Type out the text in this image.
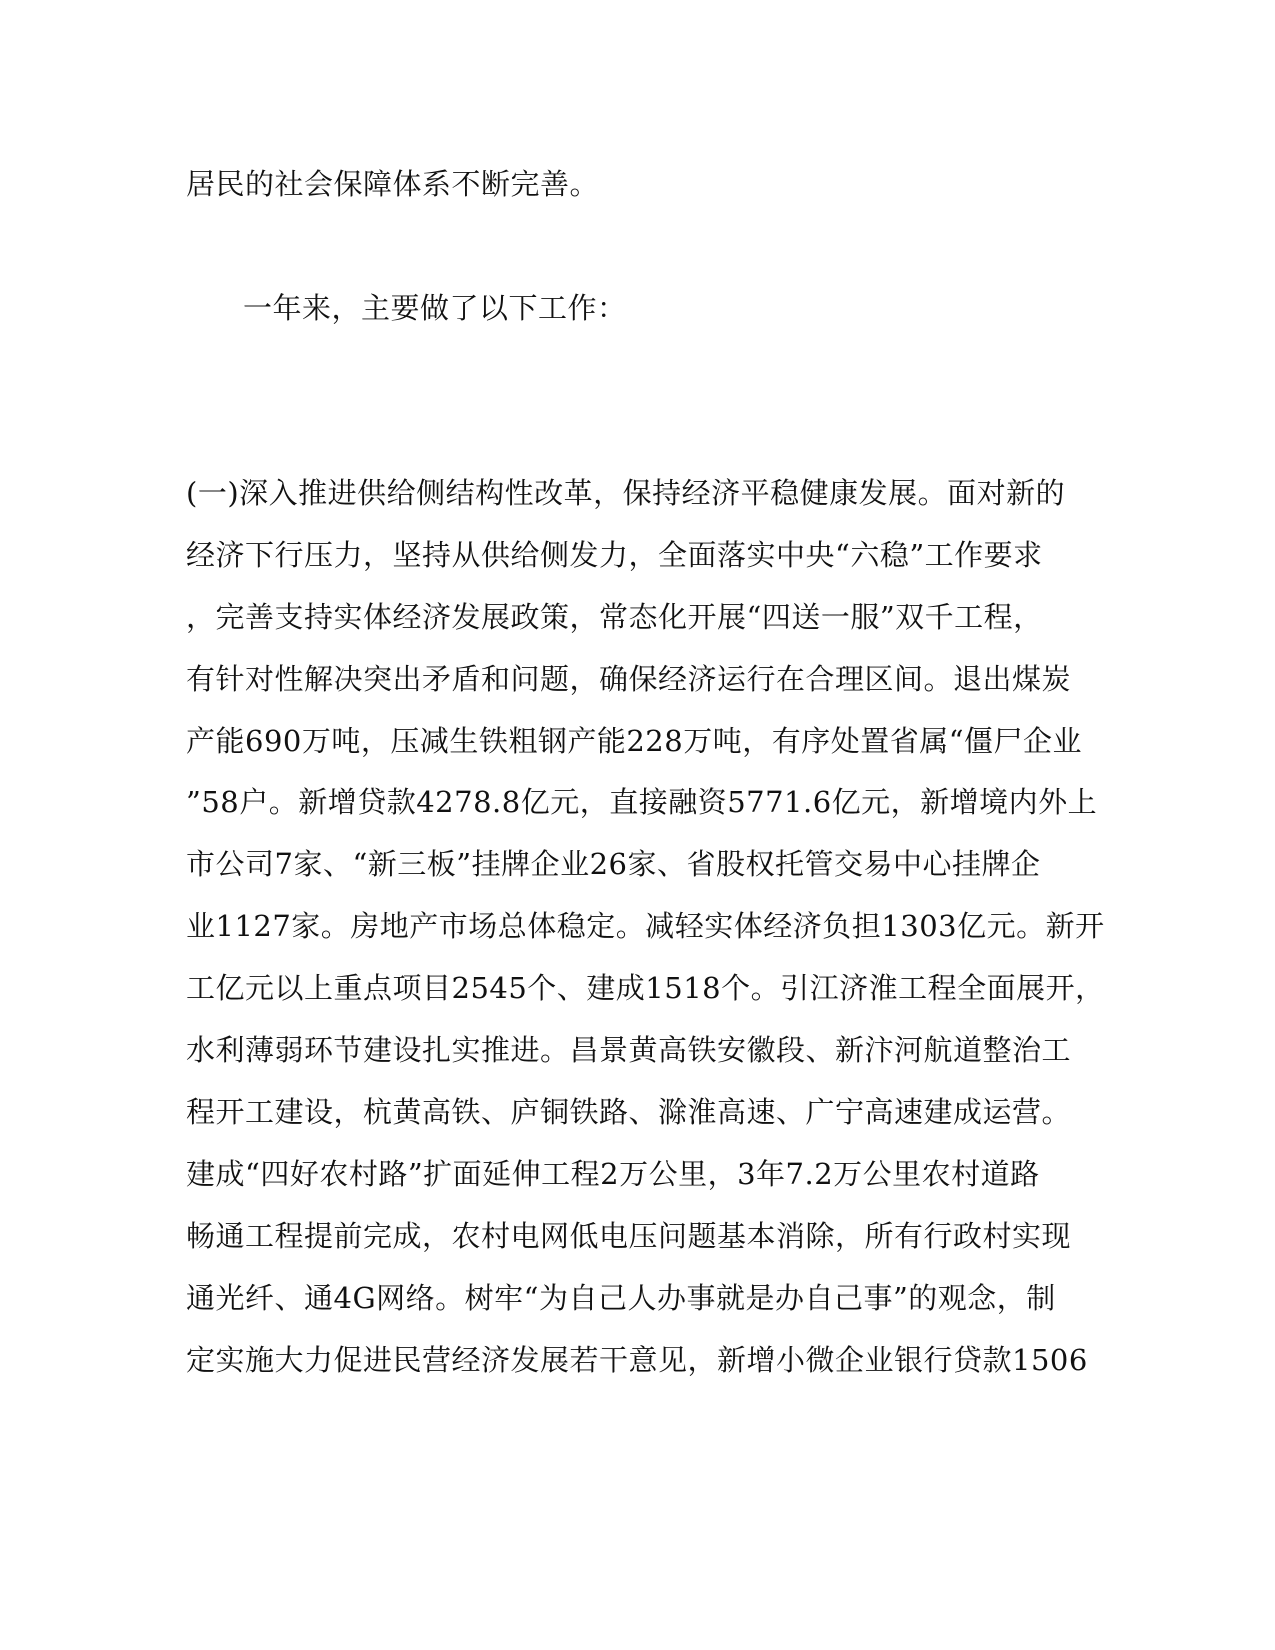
居民的社会保障体系不断完善。
一年来，主要做了以下工作：
(一)深入推进供给侧结构性改革，保持经济平稳健康发展。面对新的
经济下行压力，坚持从供给侧发力，全面落实中央“六稳”工作要求
，完善支持实体经济发展政策，常态化开展“四送一服”双千工程，
有针对性解决突出矛盾和问题，确保经济运行在合理区间。退出煤炭
产能690万吨，压减生铁粗钢产能228万吨，有序处置省属“僵尸企业
”58户。新增贷款4278.8亿元，直接融资5771.6亿元，新增境内外上
市公司7家、“新三板”挂牌企业26家、省股权托管交易中心挂牌企
业1127家。房地产市场总体稳定。减轻实体经济负担1303亿元。新开
工亿元以上重点项目2545个、建成1518个。引江济淮工程全面展开，
水利薄弱环节建设扎实推进。昌景黄高铁安徽段、新汴河航道整治工
程开工建设，杭黄高铁、庐铜铁路、滁淮高速、广宁高速建成运营。
建成“四好农村路”扩面延伸工程2万公里，3年7.2万公里农村道路
畅通工程提前完成，农村电网低电压问题基本消除，所有行政村实现
通光纤、通4G网络。树牢“为自己人办事就是办自己事”的观念，制
定实施大力促进民营经济发展若干意见，新增小微企业银行贷款1506
